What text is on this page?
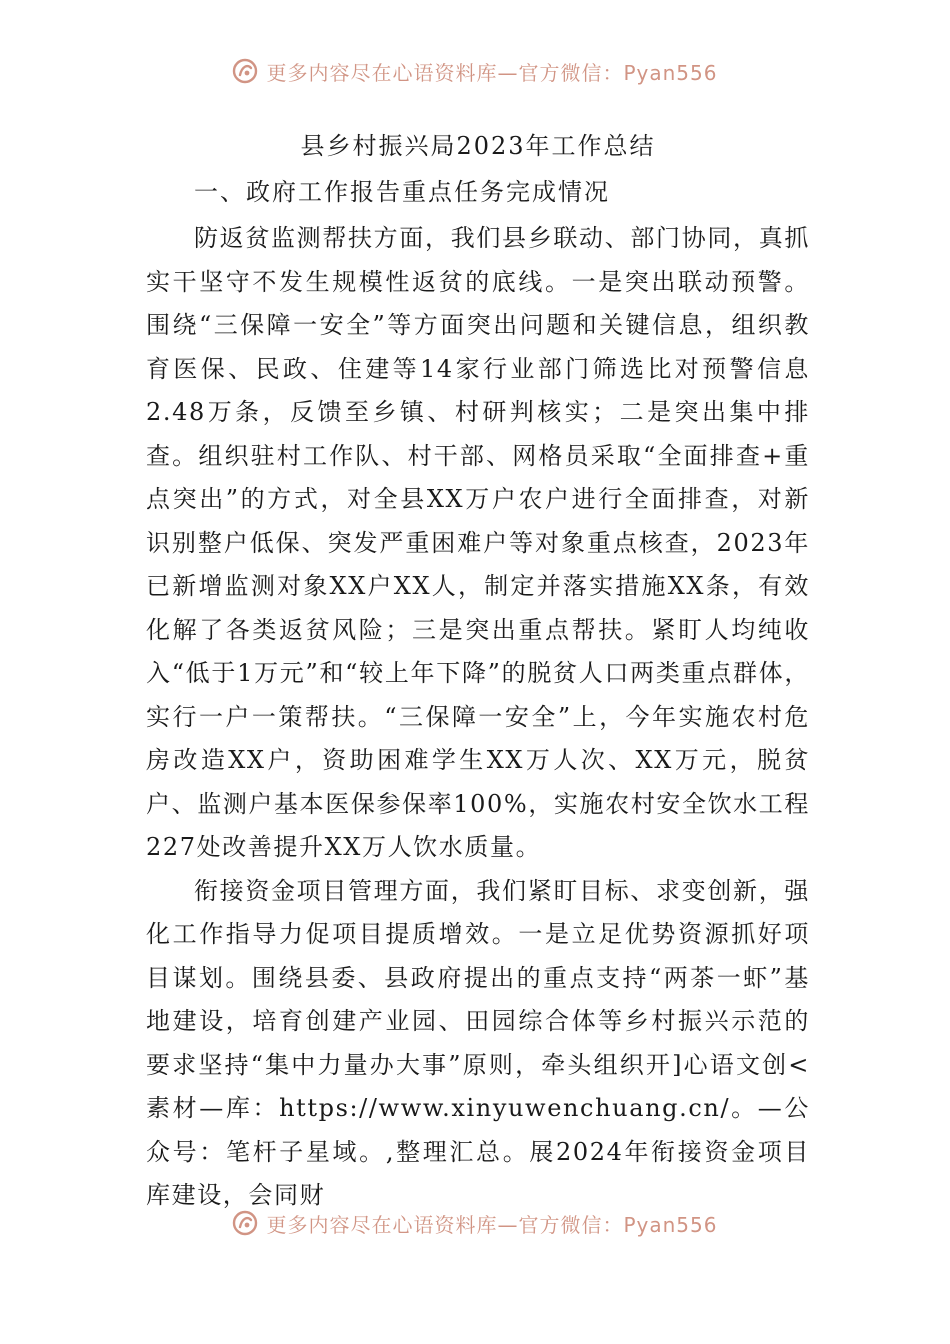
更多内容尽在心语资料库—官方微信：Pyan556
县乡村振兴局2023年工作总结

一、政府工作报告重点任务完成情况

防返贫监测帮扶方面，我们县乡联动、部门协同，真抓实干坚守不发生规模性返贫的底线。一是突出联动预警。围绕“三保障一安全”等方面突出问题和关键信息，组织教育医保、民政、住建等14家行业部门筛选比对预警信息2.48万条，反馈至乡镇、村研判核实；二是突出集中排查。组织驻村工作队、村干部、网格员采取“全面排查+重点突出”的方式，对全县XX万户农户进行全面排查，对新识别整户低保、突发严重困难户等对象重点核查，2023年已新增监测对象XX户XX人，制定并落实措施XX条，有效化解了各类返贫风险；三是突出重点帮扶。紧盯人均纯收入“低于1万元”和“较上年下降”的脱贫人口两类重点群体，实行一户一策帮扶。“三保障一安全”上，今年实施农村危房改造XX户，资助困难学生XX万人次、XX万元，脱贫户、监测户基本医保参保率100%，实施农村安全饮水工程227处改善提升XX万人饮水质量。

衔接资金项目管理方面，我们紧盯目标、求变创新，强化工作指导力促项目提质增效。一是立足优势资源抓好项目谋划。围绕县委、县政府提出的重点支持“两茶一虾”基地建设，培育创建产业园、田园综合体等乡村振兴示范的要求坚持“集中力量办大事”原则，牵头组织开]心语文创<素材—库：https://www.xinyuwenchuang.cn/。—公众号：笔杆子星域。,整理汇总。展2024年衔接资金项目库建设，会同财

更多内容尽在心语资料库—官方微信：Pyan556
